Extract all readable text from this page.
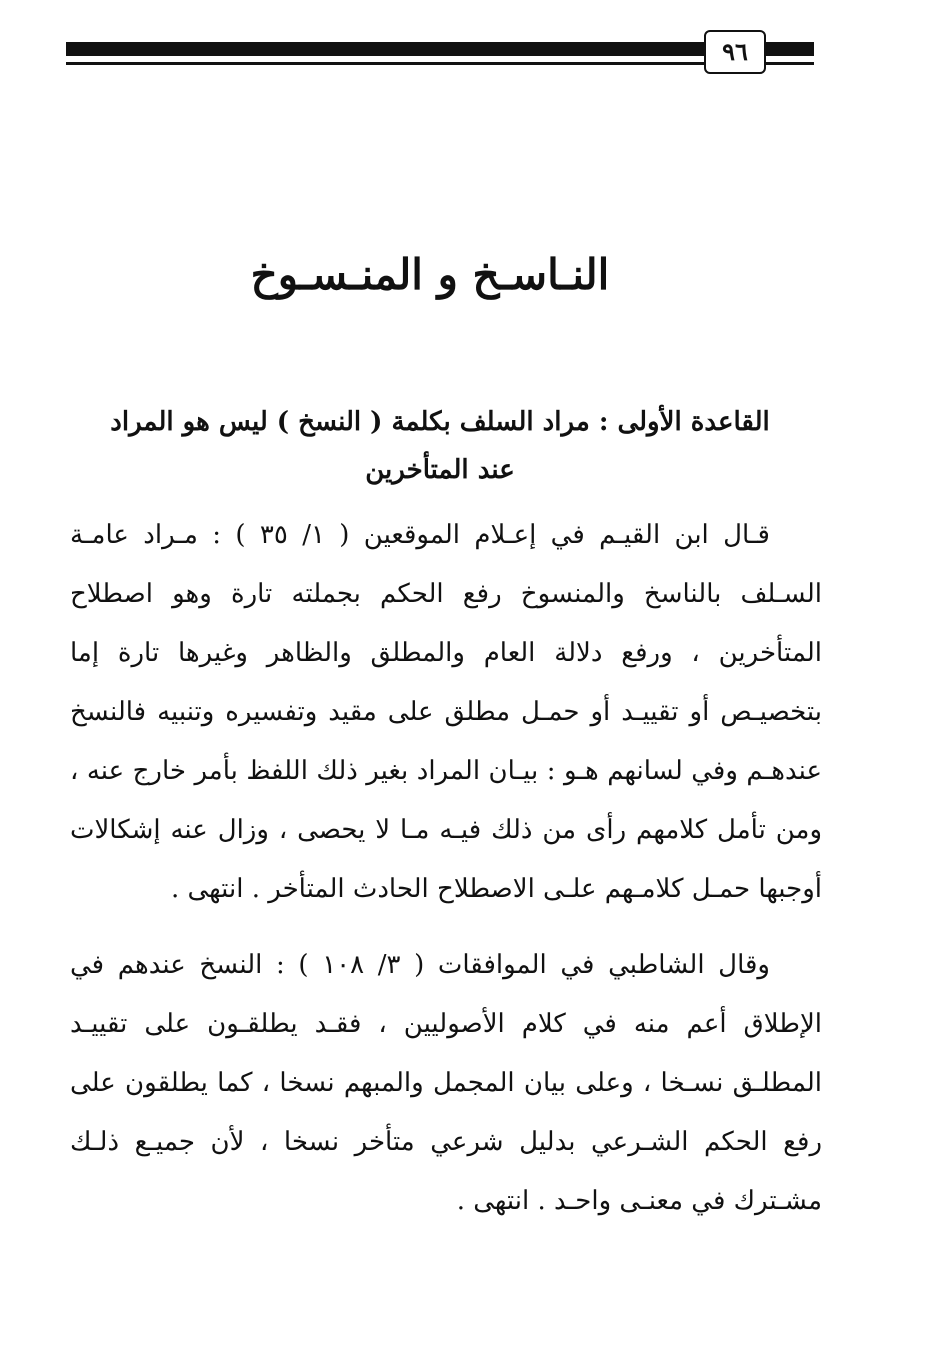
٩٦
النـاسـخ و المنـسـوخ
القاعدة الأولى : مراد السلف بكلمة ( النسخ ) ليس هو المراد عند المتأخرين
قـال ابن القيـم في إعـلام الموقعين ( ١/ ٣٥ ) : مـراد عامـة السـلف بالناسخ والمنسوخ رفع الحكم بجملته تارة وهو اصطلاح المتأخرين ، ورفع دلالة العام والمطلق والظاهر وغيرها تارة إما بتخصيـص أو تقييـد أو حمـل مطلق على مقيد وتفسيره وتنبيه فالنسخ عندهـم وفي لسانهم هـو : بيـان المراد بغير ذلك اللفظ بأمر خارج عنه ، ومن تأمل كلامهم رأى من ذلك فيـه مـا لا يحصى ، وزال عنه إشكالات أوجبها حمـل كلامـهم علـى الاصطلاح الحادث المتأخر . انتهى .
وقال الشاطبي في الموافقات ( ٣/ ١٠٨ ) : النسخ عندهم في الإطلاق أعم منه في كلام الأصوليين ، فقـد يطلقـون على تقييـد المطلـق نسـخا ، وعلى بيان المجمل والمبهم نسخا ، كما يطلقون على رفع الحكم الشـرعي بدليل شرعي متأخر نسخا ، لأن جميـع ذلـك مشـترك في معنـى واحـد . انتهى .
